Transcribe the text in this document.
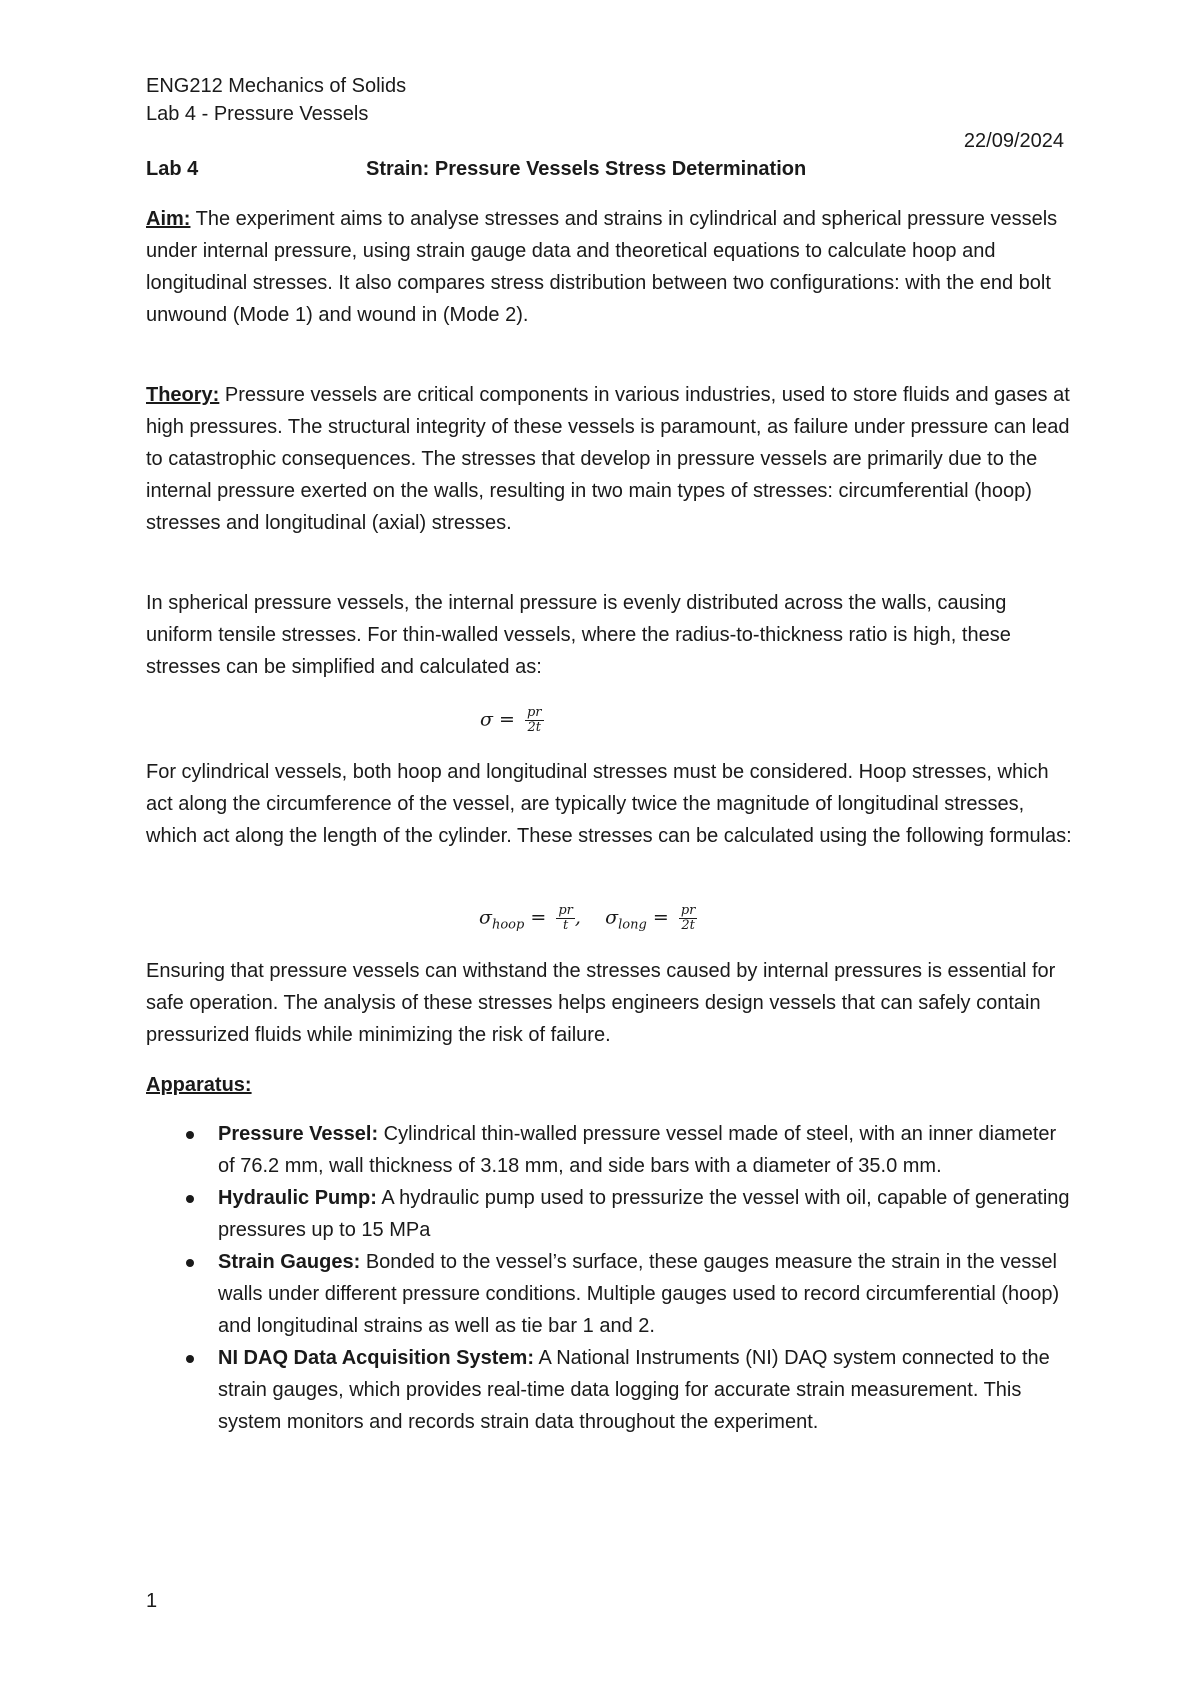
ENG212 Mechanics of Solids
Lab 4 - Pressure Vessels
22/09/2024
Lab 4	Strain: Pressure Vessels Stress Determination

Aim: The experiment aims to analyse stresses and strains in cylindrical and spherical pressure vessels under internal pressure, using strain gauge data and theoretical equations to calculate hoop and longitudinal stresses. It also compares stress distribution between two configurations: with the end bolt unwound (Mode 1) and wound in (Mode 2).

Theory: Pressure vessels are critical components in various industries, used to store fluids and gases at high pressures. The structural integrity of these vessels is paramount, as failure under pressure can lead to catastrophic consequences. The stresses that develop in pressure vessels are primarily due to the internal pressure exerted on the walls, resulting in two main types of stresses: circumferential (hoop) stresses and longitudinal (axial) stresses.

In spherical pressure vessels, the internal pressure is evenly distributed across the walls, causing uniform tensile stresses. For thin-walled vessels, where the radius-to-thickness ratio is high, these stresses can be simplified and calculated as:

$\sigma = \frac{pr}{2t}$

For cylindrical vessels, both hoop and longitudinal stresses must be considered. Hoop stresses, which act along the circumference of the vessel, are typically twice the magnitude of longitudinal stresses, which act along the length of the cylinder. These stresses can be calculated using the following formulas:

$\sigma_{hoop} = \frac{pr}{t}$ , $\sigma_{long} = \frac{pr}{2t}$

Ensuring that pressure vessels can withstand the stresses caused by internal pressures is essential for safe operation. The analysis of these stresses helps engineers design vessels that can safely contain pressurized fluids while minimizing the risk of failure.

Apparatus:

Pressure Vessel: Cylindrical thin-walled pressure vessel made of steel, with an inner diameter of 76.2 mm, wall thickness of 3.18 mm, and side bars with a diameter of 35.0 mm.
Hydraulic Pump: A hydraulic pump used to pressurize the vessel with oil, capable of generating pressures up to 15 MPa
Strain Gauges: Bonded to the vessel’s surface, these gauges measure the strain in the vessel walls under different pressure conditions. Multiple gauges used to record circumferential (hoop) and longitudinal strains as well as tie bar 1 and 2.
NI DAQ Data Acquisition System: A National Instruments (NI) DAQ system connected to the strain gauges, which provides real-time data logging for accurate strain measurement. This system monitors and records strain data throughout the experiment.
1
